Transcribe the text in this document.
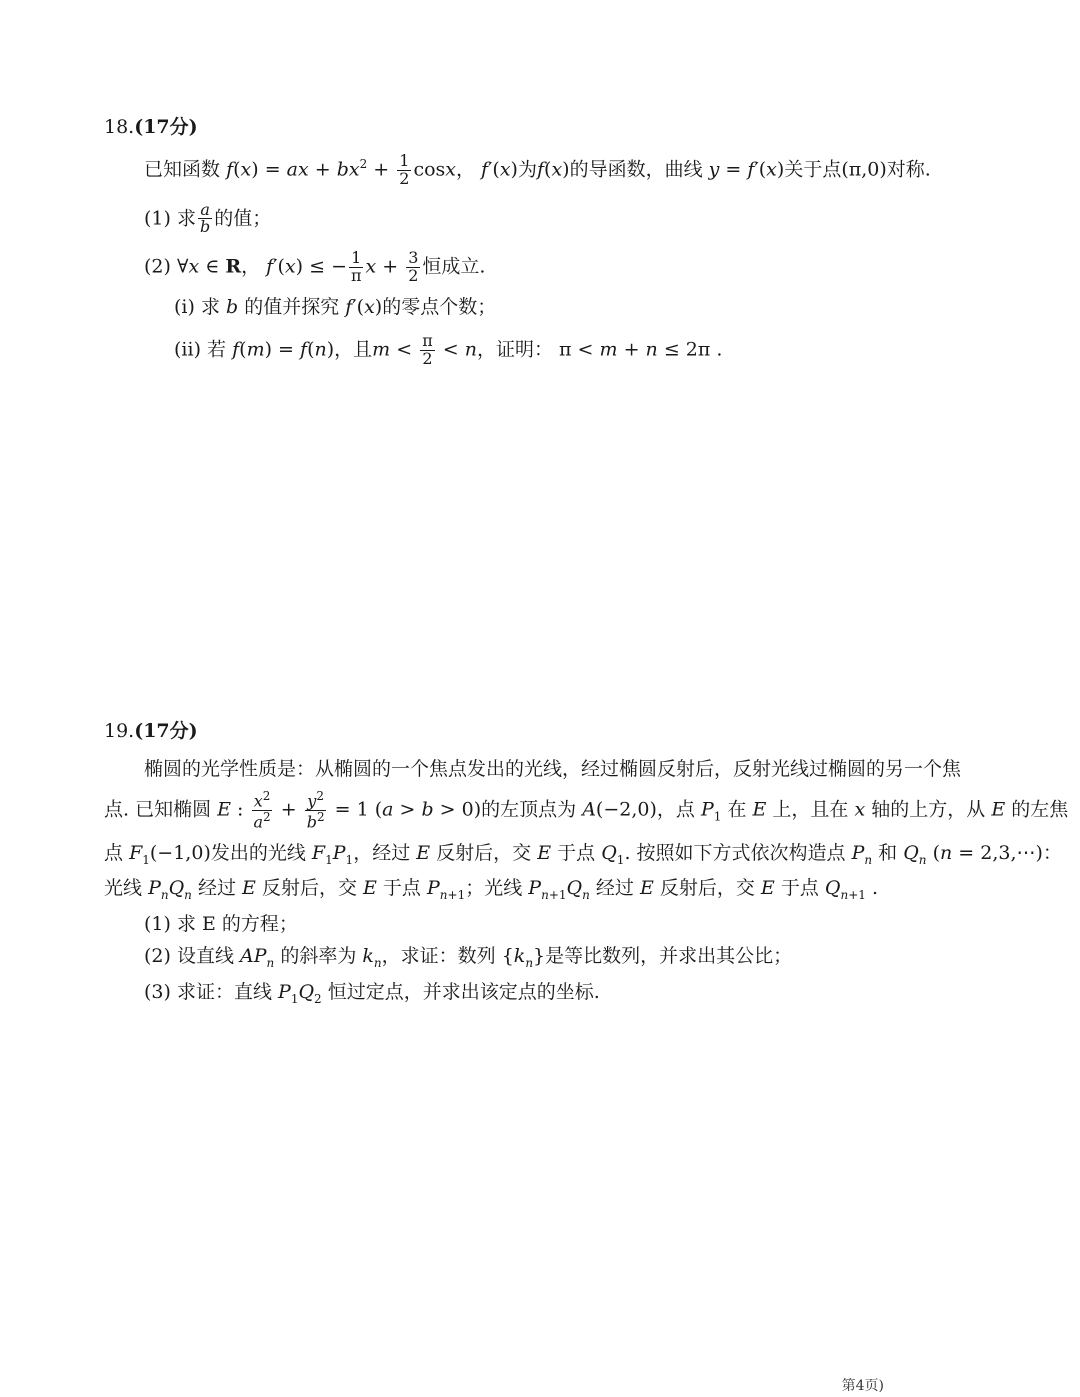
18.(17分)
已知函数 f(x) = ax + $bx^2 + \frac{1}{2}$ cosx， f′(x)为f(x)的导函数，曲线 y = f′(x)关于点(π,0)对称.
(1) 求 $\frac{a}{b}$ 的值；
(2) ∀x ∈ R， f′(x) ≤ − $\frac{1}{\pi}$ $x + \frac{3}{2}$ 恒成立.
(ⅰ) 求 b 的值并探究 f′(x)的零点个数；
(ⅱ) 若 f(m) = f(n)，且$m < \frac{\pi}{2} < n$，证明： π < m + n ≤ 2π .
19.(17分)
椭圆的光学性质是：从椭圆的一个焦点发出的光线，经过椭圆反射后，反射光线过椭圆的另一个焦
点. 已知椭圆 E : $\frac{x^2}{a^2} + \frac{y^2}{b^2} = 1$ (a > b > 0)的左顶点为 A(−2,0)，点 $P_1$ 在 E 上，且在 x 轴的上方，从 E 的左焦
点 $F_1(-1,0)$发出的光线 $F_1P_1$，经过 E 反射后，交 E 于点 $Q_1$. 按照如下方式依次构造点 $P_n$ 和 $Q_n$ (n = 2,3,⋯)：
光线 $P_nQ_n$ 经过 E 反射后，交 E 于点 $P_{n+1}$；光线 $P_{n+1}Q_n$ 经过 E 反射后，交 E 于点 $Q_{n+1}$ .
(1) 求 E 的方程；
(2) 设直线 $AP_n$ 的斜率为 $k_n$，求证：数列 $\{k_n\}$是等比数列，并求出其公比；
(3) 求证：直线 $P_1Q_2$ 恒过定点，并求出该定点的坐标.
第4页)
